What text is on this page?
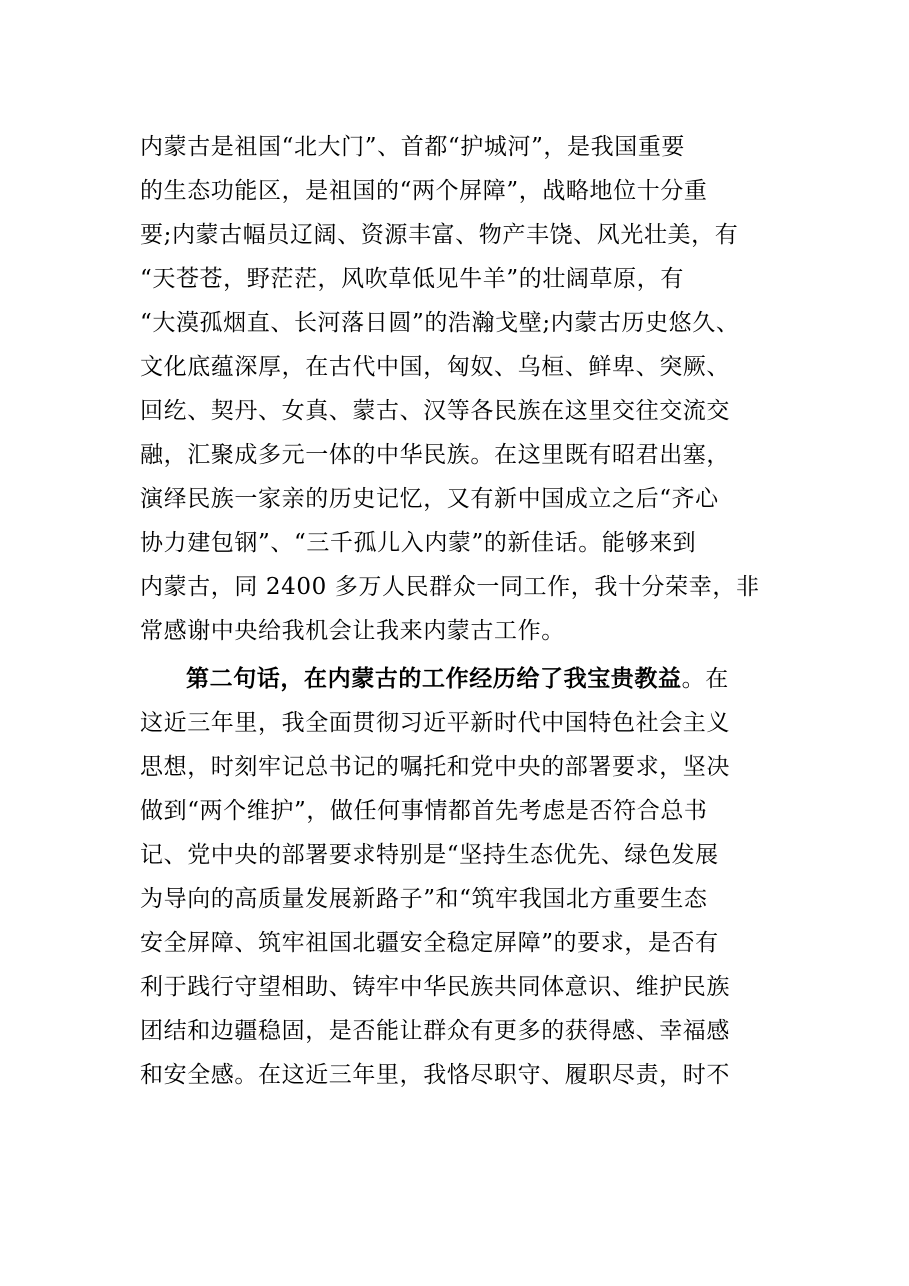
内蒙古是祖国“北大门”、首都“护城河”，是我国重要
的生态功能区，是祖国的“两个屏障”，战略地位十分重
要;内蒙古幅员辽阔、资源丰富、物产丰饶、风光壮美，有
“天苍苍，野茫茫，风吹草低见牛羊”的壮阔草原，有
“大漠孤烟直、长河落日圆”的浩瀚戈壁;内蒙古历史悠久、
文化底蕴深厚，在古代中国，匈奴、乌桓、鲜卑、突厥、
回纥、契丹、女真、蒙古、汉等各民族在这里交往交流交
融，汇聚成多元一体的中华民族。在这里既有昭君出塞，
演绎民族一家亲的历史记忆，又有新中国成立之后“齐心
协力建包钢”、“三千孤儿入内蒙”的新佳话。能够来到
内蒙古，同 2400 多万人民群众一同工作，我十分荣幸，非
常感谢中央给我机会让我来内蒙古工作。
第二句话，在内蒙古的工作经历给了我宝贵教益。在
这近三年里，我全面贯彻习近平新时代中国特色社会主义
思想，时刻牢记总书记的嘱托和党中央的部署要求，坚决
做到“两个维护”，做任何事情都首先考虑是否符合总书
记、党中央的部署要求特别是“坚持生态优先、绿色发展
为导向的高质量发展新路子”和“筑牢我国北方重要生态
安全屏障、筑牢祖国北疆安全稳定屏障”的要求，是否有
利于践行守望相助、铸牢中华民族共同体意识、维护民族
团结和边疆稳固，是否能让群众有更多的获得感、幸福感
和安全感。在这近三年里，我恪尽职守、履职尽责，时不
